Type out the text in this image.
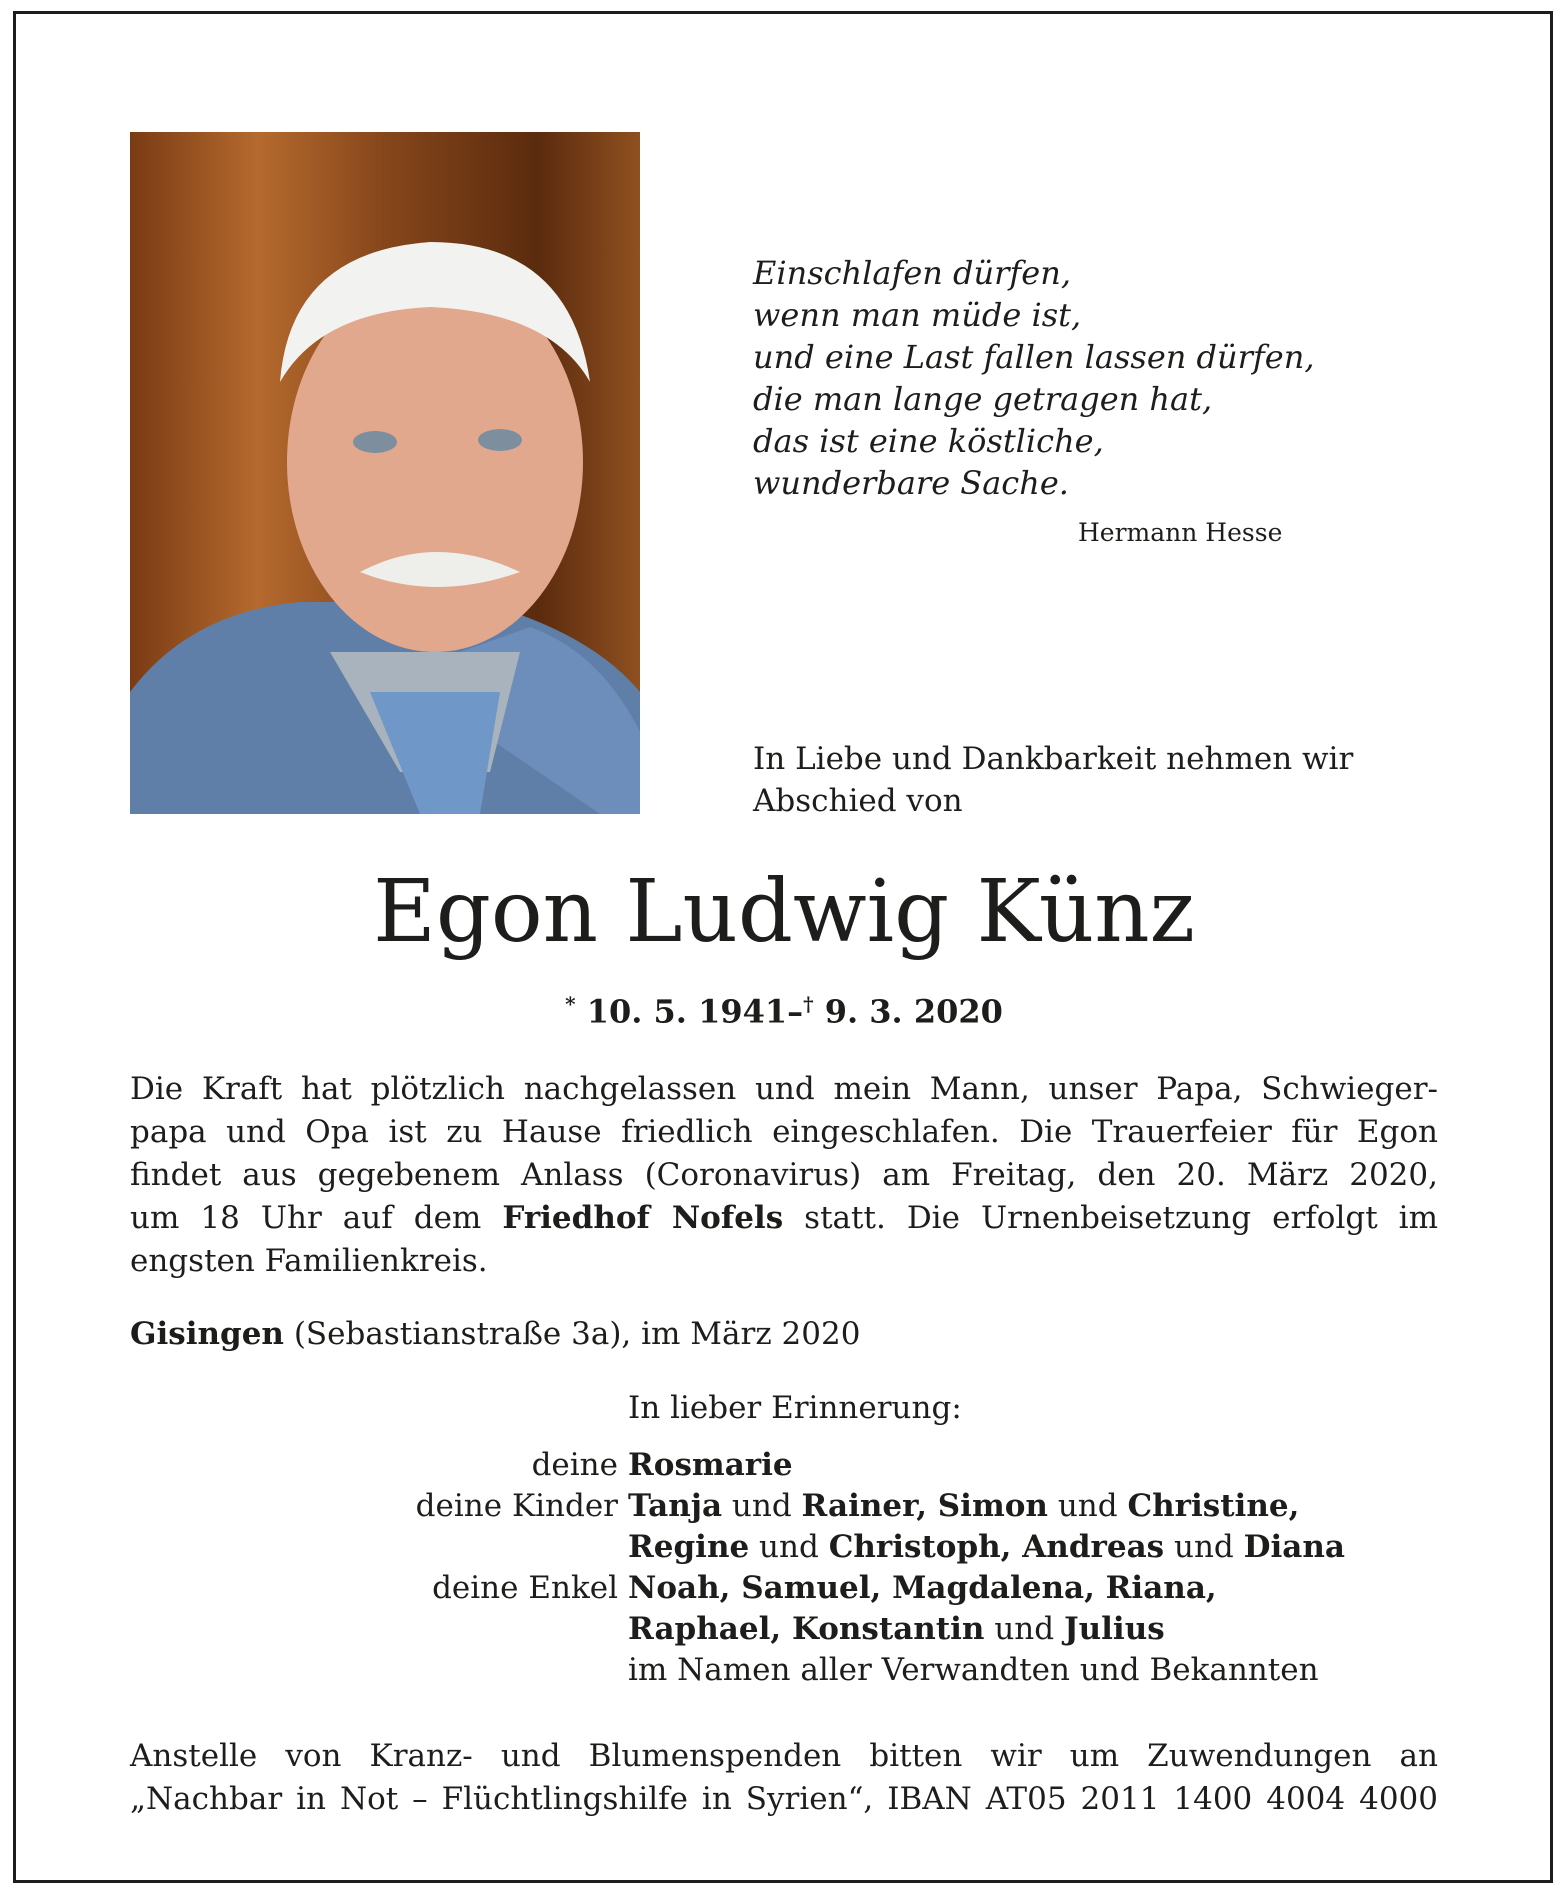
Einschlafen dürfen,
wenn man müde ist,
und eine Last fallen lassen dürfen,
die man lange getragen hat,
das ist eine köstliche,
wunderbare Sache.
Hermann Hesse
In Liebe und Dankbarkeit nehmen wir
Abschied von
Egon Ludwig Künz
* 10. 5. 1941–† 9. 3. 2020
Die Kraft hat plötzlich nachgelassen und mein Mann, unser Papa, Schwieger-
papa und Opa ist zu Hause friedlich eingeschlafen. Die Trauerfeier für Egon
findet aus gegebenem Anlass (Coronavirus) am Freitag, den 20. März 2020,
um 18 Uhr auf dem Friedhof Nofels statt. Die Urnenbeisetzung erfolgt im
engsten Familienkreis.
Gisingen (Sebastianstraße 3a), im März 2020
In lieber Erinnerung:
deine Rosmarie
deine Kinder Tanja und Rainer, Simon und Christine,
Regine und Christoph, Andreas und Diana
deine Enkel Noah, Samuel, Magdalena, Riana,
Raphael, Konstantin und Julius
im Namen aller Verwandten und Bekannten
Anstelle von Kranz- und Blumenspenden bitten wir um Zuwendungen an
„Nachbar in Not – Flüchtlingshilfe in Syrien“, IBAN AT05 2011 1400 4004 4000
